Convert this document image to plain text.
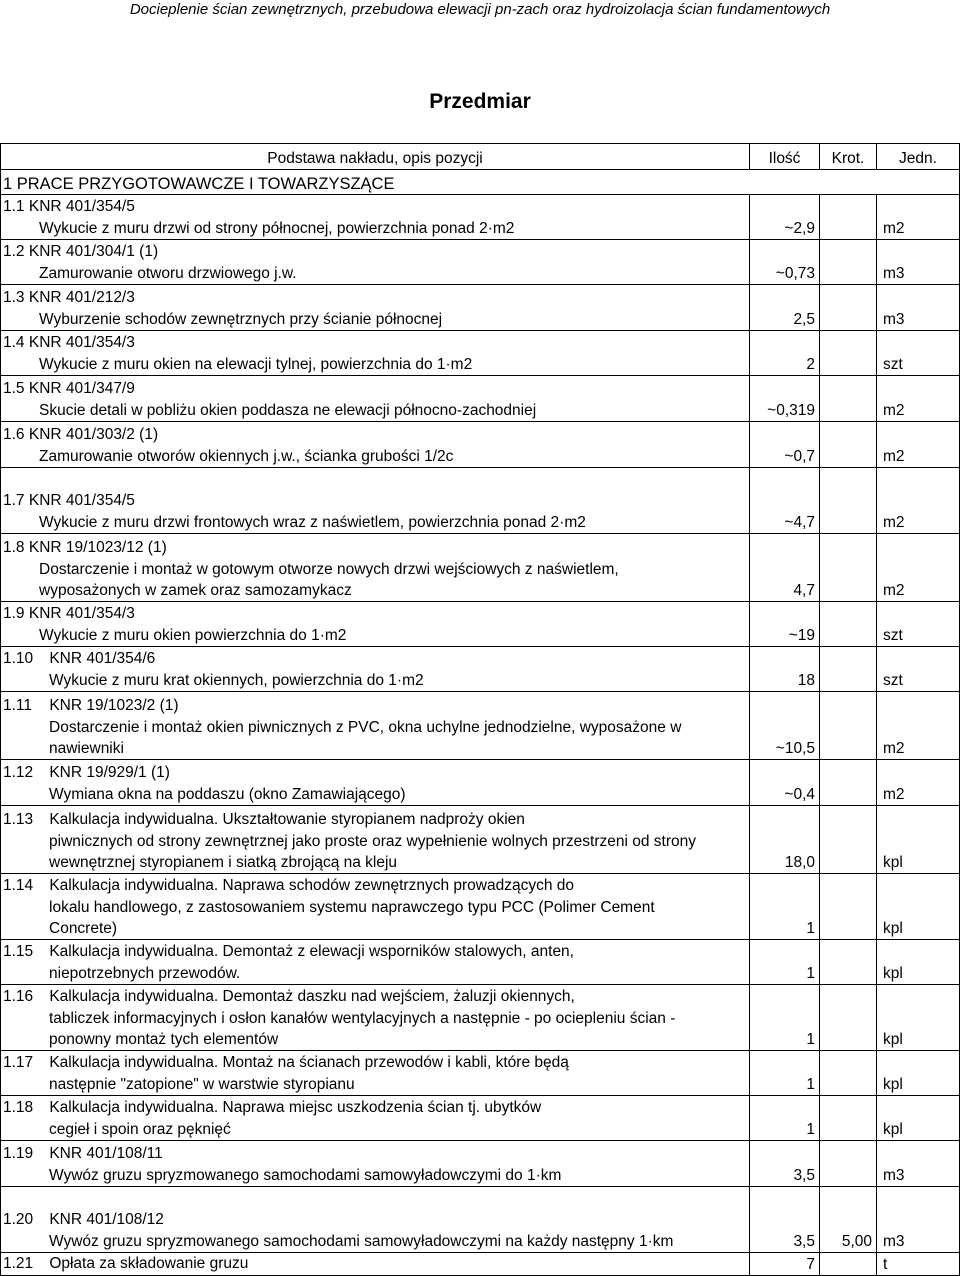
Docieplenie ścian zewnętrznych, przebudowa elewacji pn-zach oraz hydroizolacja ścian fundamentowych
Przedmiar
Podstawa nakładu, opis pozycji	Ilość	Krot.	Jedn.
1 PRACE PRZYGOTOWAWCZE I TOWARZYSZĄCE			

1.1 KNR 401/354/5
Wykucie z muru drzwi od strony północnej, powierzchnia ponad 2·m2	~2,9		m2

1.2 KNR 401/304/1 (1)
Zamurowanie otworu drzwiowego j.w.	~0,73		m3

1.3 KNR 401/212/3
Wyburzenie schodów zewnętrznych przy ścianie północnej	2,5		m3

1.4 KNR 401/354/3
Wykucie z muru okien na elewacji tylnej, powierzchnia do 1·m2	2		szt

1.5 KNR 401/347/9
Skucie detali w pobliżu okien poddasza ne elewacji północno-zachodniej	~0,319		m2

1.6 KNR 401/303/2 (1)
Zamurowanie otworów okiennych j.w., ścianka grubości 1/2c	~0,7		m2

1.7 KNR 401/354/5
Wykucie z muru drzwi frontowych wraz z naświetlem, powierzchnia ponad 2·m2	~4,7		m2

1.8 KNR 19/1023/12 (1)
Dostarczenie i montaż w gotowym otworze nowych drzwi wejściowych z naświetlem, wyposażonych w zamek oraz samozamykacz	4,7		m2

1.9 KNR 401/354/3
Wykucie z muru okien powierzchnia do 1·m2	~19		szt

1.10 KNR 401/354/6
Wykucie z muru krat okiennych, powierzchnia do 1·m2	18		szt

1.11 KNR 19/1023/2 (1)
Dostarczenie i montaż okien piwnicznych z PVC, okna uchylne jednodzielne, wyposażone w nawiewniki	~10,5		m2

1.12 KNR 19/929/1 (1)
Wymiana okna na poddaszu (okno Zamawiającego)	~0,4		m2

1.13 Kalkulacja indywidualna. Ukształtowanie styropianem nadproży okien
piwnicznych od strony zewnętrznej jako proste oraz wypełnienie wolnych przestrzeni od strony wewnętrznej styropianem i siatką zbrojącą na kleju	18,0		kpl

1.14 Kalkulacja indywidualna. Naprawa schodów zewnętrznych prowadzących do
lokalu handlowego, z zastosowaniem systemu naprawczego typu PCC (Polimer Cement Concrete)	1		kpl

1.15 Kalkulacja indywidualna. Demontaż z elewacji wsporników stalowych, anten,
niepotrzebnych przewodów.	1		kpl

1.16 Kalkulacja indywidualna. Demontaż daszku nad wejściem, żaluzji okiennych,
tabliczek informacyjnych i osłon kanałów wentylacyjnych a następnie - po ociepleniu ścian - ponowny montaż tych elementów	1		kpl

1.17 Kalkulacja indywidualna. Montaż na ścianach przewodów i kabli, które będą
następnie "zatopione" w warstwie styropianu	1		kpl

1.18 Kalkulacja indywidualna. Naprawa miejsc uszkodzenia ścian tj. ubytków
cegieł i spoin oraz pęknięć	1		kpl

1.19 KNR 401/108/11
Wywóz gruzu spryzmowanego samochodami samowyładowczymi do 1·km	3,5		m3

1.20 KNR 401/108/12
Wywóz gruzu spryzmowanego samochodami samowyładowczymi na każdy następny 1·km	3,5	5,00	m3

1.21 Opłata za składowanie gruzu	7		t
